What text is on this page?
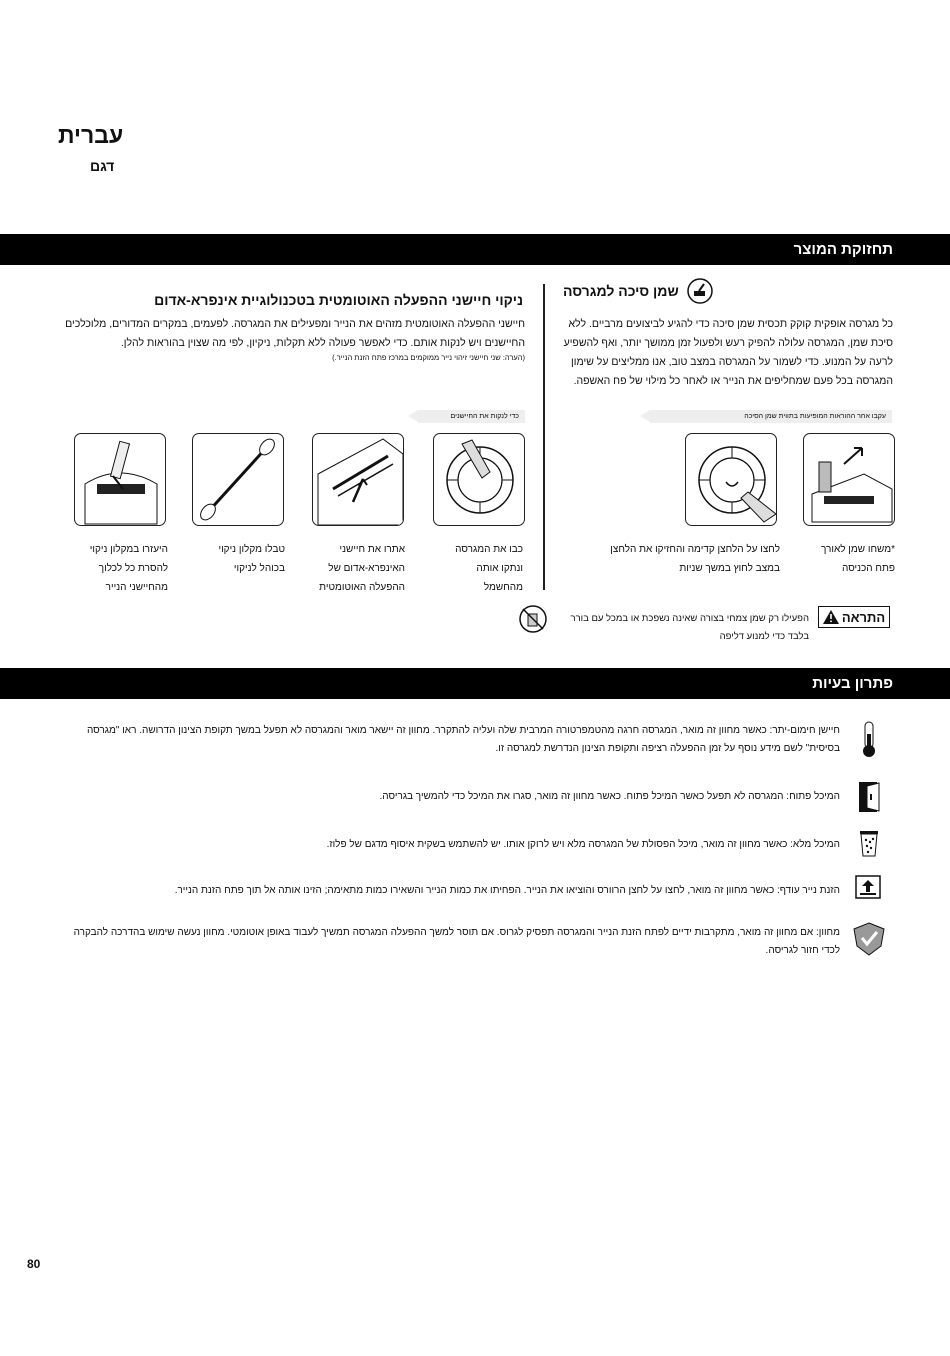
עברית
דגם
תחזוקת המוצר
שמן סיכה למגרסה
כל מגרסה אופקית קוקק תכסית שמן סיכה כדי להגיע לביצועים מרביים. ללא סיכת שמן, המגרסה עלולה להפיק רעש ולפעול זמן ממושך יותר, ואף להשפיע לרעה על המנוע. כדי לשמור על המגרסה במצב טוב, אנו ממליצים על שימון המגרסה בכל פעם שמחליפים את הנייר או לאחר כל מילוי של פח האשפה.
עקבו אחר ההוראות המופיעות בתווית שמן הסיכה
*משחו שמן לאורך פתח הכניסה
לחצו על הלחצן קדימה והחזיקו את הלחצן במצב לחוץ במשך שניות
התראה
הפעילו רק שמן צמחי בצורה שאינה נשפכת או במכל עם בורר בלבד כדי למנוע דליפה
ניקוי חיישני ההפעלה האוטומטית בטכנולוגיית אינפרא-אדום
חיישני ההפעלה האוטומטית מזהים את הנייר ומפעילים את המגרסה. לפעמים, במקרים המדורים, מלוכלכים החיישנים ויש לנקות אותם. כדי לאפשר פעולה ללא תקלות, ניקיון, לפי מה שצוין בהוראות להלן.
(הערה: שני חיישני זיהוי נייר ממוקמים במרכז פתח הזנת הנייר.)
כדי לנקות את החיישנים
כבו את המגרסה ונתקו אותה מהחשמל
אתרו את חיישני האינפרא-אדום של ההפעלה האוטומטית
טבלו מקלון ניקוי בכוהל לניקוי
היעזרו במקלון ניקוי להסרת כל לכלוך מהחיישני הנייר
פתרון בעיות
חיישן חימום-יתר: כאשר מחוון זה מואר, המגרסה חרגה מהטמפרטורה המרבית שלה ועליה להתקרר. מחוון זה יישאר מואר והמגרסה לא תפעל במשך תקופת הצינון הדרושה. ראו "מגרסה בסיסית" לשם מידע נוסף על זמן ההפעלה רציפה ותקופת הצינון הנדרשת למגרסה זו.
המיכל פתוח: המגרסה לא תפעל כאשר המיכל פתוח. כאשר מחוון זה מואר, סגרו את המיכל כדי להמשיך בגריסה.
המיכל מלא: כאשר מחוון זה מואר, מיכל הפסולת של המגרסה מלא ויש לרוקן אותו. יש להשתמש בשקית איסוף מדגם של פלוז.
הזנת נייר עודף: כאשר מחוון זה מואר, לחצו על לחצן הרוורס והוציאו את הנייר. הפחיתו את כמות הנייר והשאירו כמות מתאימה; הזינו אותה אל תוך פתח הזנת הנייר.
מחוון: אם מחוון זה מואר, מתקרבות ידיים לפתח הזנת הנייר והמגרסה תפסיק לגרוס. אם תוסר למשך ההפעלה המגרסה תמשיך לעבוד באופן אוטומטי. מחוון נעשה שימוש בהדרכה להבקרה לכדי חזור לגריסה.
80
